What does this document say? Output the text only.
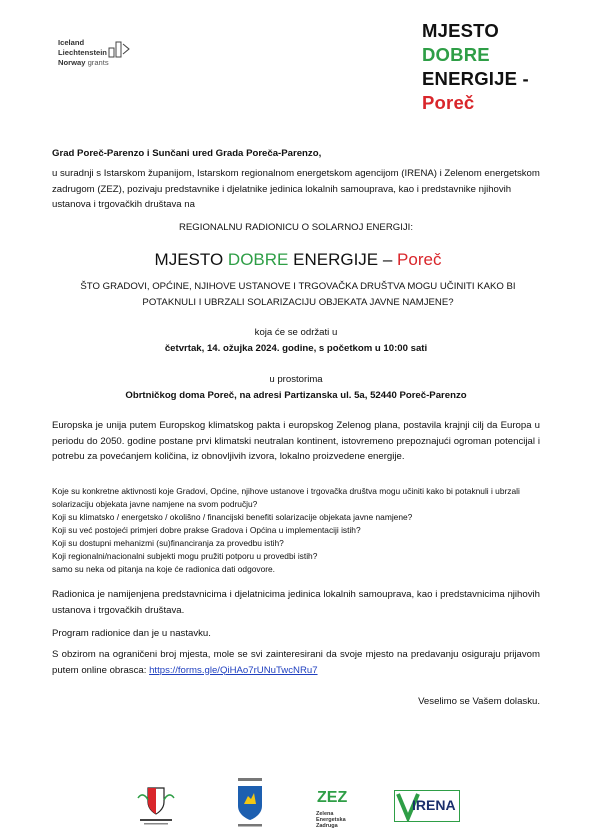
Iceland
Liechtenstein
Norway grants
MJESTO
DOBRE
ENERGIJE -
Poreč
Grad Poreč-Parenzo i Sunčani ured Grada Poreča-Parenzo,
u suradnji s Istarskom županijom, Istarskom regionalnom energetskom agencijom (IRENA) i Zelenom energetskom zadrugom (ZEZ), pozivaju predstavnike i djelatnike jedinica lokalnih samouprava, kao i predstavnike njihovih ustanova i trgovačkih društava na
REGIONALNU RADIONICU O SOLARNOJ ENERGIJI:
MJESTO DOBRE ENERGIJE – Poreč
ŠTO GRADOVI, OPĆINE, NJIHOVE USTANOVE I TRGOVAČKA DRUŠTVA MOGU UČINITI KAKO BI POTAKNULI I UBRZALI SOLARIZACIJU OBJEKATA JAVNE NAMJENE?
koja će se održati u
četvrtak, 14. ožujka 2024. godine, s početkom u 10:00 sati
u prostorima
Obrtničkog doma Poreč, na adresi Partizanska ul. 5a, 52440 Poreč-Parenzo
Europska je unija putem Europskog klimatskog pakta i europskog Zelenog plana, postavila krajnji cilj da Europa u periodu do 2050. godine postane prvi klimatski neutralan kontinent, istovremeno prepoznajući ogroman potencijal i potrebu za povećanjem količina, iz obnovljivih izvora, lokalno proizvedene energije.
Koje su konkretne aktivnosti koje Gradovi, Općine, njihove ustanove i trgovačka društva mogu učiniti kako bi potaknuli i ubrzali solarizaciju objekata javne namjene na svom području?
Koji su klimatsko / energetsko / okolišno / financijski benefiti solarizacije objekata javne namjene?
Koji su već postojeći primjeri dobre prakse Gradova i Općina u implementaciji istih?
Koji su dostupni mehanizmi (su)financiranja za provedbu istih?
Koji regionalni/nacionalni subjekti mogu pružiti potporu u provedbi istih?
samo su neka od pitanja na koje će radionica dati odgovore.
Radionica je namijenjena predstavnicima i djelatnicima jedinica lokalnih samouprava, kao i predstavnicima njihovih ustanova i trgovačkih društava.
Program radionice dan je u nastavku.
S obzirom na ograničeni broj mjesta, mole se svi zainteresirani da svoje mjesto na predavanju osiguraju prijavom putem online obrasca: https://forms.gle/QiHAo7rUNuTwcNRu7
Veselimo se Vašem dolasku.
ZEZ
Zelena
Energetska
Zadruga
IRENA
